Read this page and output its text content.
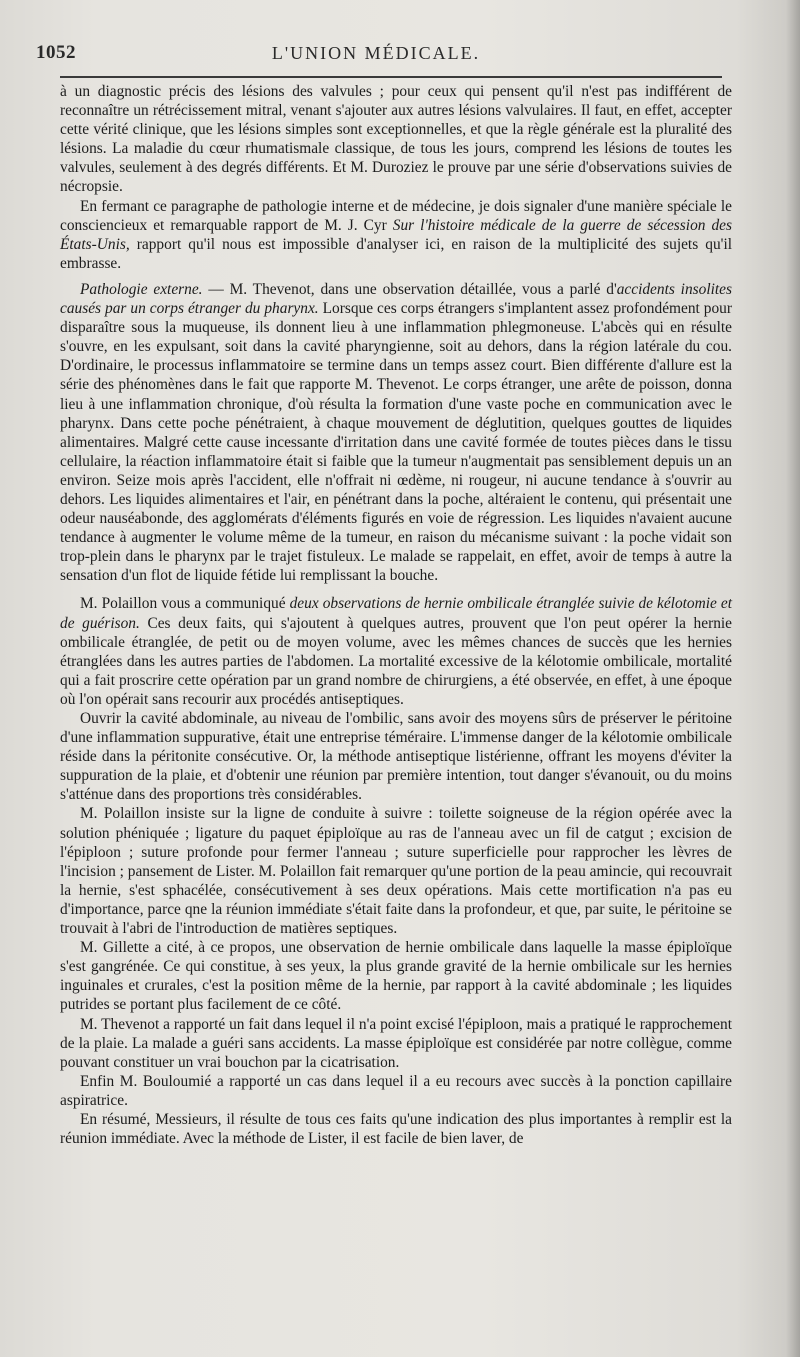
1052	L'UNION MÉDICALE.

à un diagnostic précis des lésions des valvules ; pour ceux qui pensent qu'il n'est pas indifférent de reconnaître un rétrécissement mitral, venant s'ajouter aux autres lésions valvulaires. Il faut, en effet, accepter cette vérité clinique, que les lésions simples sont exceptionnelles, et que la règle générale est la pluralité des lésions. La maladie du cœur rhumatismale classique, de tous les jours, comprend les lésions de toutes les valvules, seulement à des degrés différents. Et M. Duroziez le prouve par une série d'observations suivies de nécropsie.

En fermant ce paragraphe de pathologie interne et de médecine, je dois signaler d'une manière spéciale le consciencieux et remarquable rapport de M. J. Cyr Sur l'histoire médicale de la guerre de sécession des États-Unis, rapport qu'il nous est impossible d'analyser ici, en raison de la multiplicité des sujets qu'il embrasse.

Pathologie externe. — M. Thevenot, dans une observation détaillée, vous a parlé d'accidents insolites causés par un corps étranger du pharynx. Lorsque ces corps étrangers s'implantent assez profondément pour disparaître sous la muqueuse, ils donnent lieu à une inflammation phlegmoneuse. L'abcès qui en résulte s'ouvre, en les expulsant, soit dans la cavité pharyngienne, soit au dehors, dans la région latérale du cou. D'ordinaire, le processus inflammatoire se termine dans un temps assez court. Bien différente d'allure est la série des phénomènes dans le fait que rapporte M. Thevenot. Le corps étranger, une arête de poisson, donna lieu à une inflammation chronique, d'où résulta la formation d'une vaste poche en communication avec le pharynx. Dans cette poche pénétraient, à chaque mouvement de déglutition, quelques gouttes de liquides alimentaires. Malgré cette cause incessante d'irritation dans une cavité formée de toutes pièces dans le tissu cellulaire, la réaction inflammatoire était si faible que la tumeur n'augmentait pas sensiblement depuis un an environ. Seize mois après l'accident, elle n'offrait ni œdème, ni rougeur, ni aucune tendance à s'ouvrir au dehors. Les liquides alimentaires et l'air, en pénétrant dans la poche, altéraient le contenu, qui présentait une odeur nauséabonde, des agglomérats d'éléments figurés en voie de régression. Les liquides n'avaient aucune tendance à augmenter le volume même de la tumeur, en raison du mécanisme suivant : la poche vidait son trop-plein dans le pharynx par le trajet fistuleux. Le malade se rappelait, en effet, avoir de temps à autre la sensation d'un flot de liquide fétide lui remplissant la bouche.

M. Polaillon vous a communiqué deux observations de hernie ombilicale étranglée suivie de kélotomie et de guérison. Ces deux faits, qui s'ajoutent à quelques autres, prouvent que l'on peut opérer la hernie ombilicale étranglée, de petit ou de moyen volume, avec les mêmes chances de succès que les hernies étranglées dans les autres parties de l'abdomen. La mortalité excessive de la kélotomie ombilicale, mortalité qui a fait proscrire cette opération par un grand nombre de chirurgiens, a été observée, en effet, à une époque où l'on opérait sans recourir aux procédés antiseptiques.

Ouvrir la cavité abdominale, au niveau de l'ombilic, sans avoir des moyens sûrs de préserver le péritoine d'une inflammation suppurative, était une entreprise téméraire. L'immense danger de la kélotomie ombilicale réside dans la péritonite consécutive. Or, la méthode antiseptique listérienne, offrant les moyens d'éviter la suppuration de la plaie, et d'obtenir une réunion par première intention, tout danger s'évanouit, ou du moins s'atténue dans des proportions très considérables.

M. Polaillon insiste sur la ligne de conduite à suivre : toilette soigneuse de la région opérée avec la solution phéniquée ; ligature du paquet épiploïque au ras de l'anneau avec un fil de catgut ; excision de l'épiploon ; suture profonde pour fermer l'anneau ; suture superficielle pour rapprocher les lèvres de l'incision ; pansement de Lister. M. Polaillon fait remarquer qu'une portion de la peau amincie, qui recouvrait la hernie, s'est sphacélée, consécutivement à ses deux opérations. Mais cette mortification n'a pas eu d'importance, parce qne la réunion immédiate s'était faite dans la profondeur, et que, par suite, le péritoine se trouvait à l'abri de l'introduction de matières septiques.

M. Gillette a cité, à ce propos, une observation de hernie ombilicale dans laquelle la masse épiploïque s'est gangrénée. Ce qui constitue, à ses yeux, la plus grande gravité de la hernie ombilicale sur les hernies inguinales et crurales, c'est la position même de la hernie, par rapport à la cavité abdominale ; les liquides putrides se portant plus facilement de ce côté.

M. Thevenot a rapporté un fait dans lequel il n'a point excisé l'épiploon, mais a pratiqué le rapprochement de la plaie. La malade a guéri sans accidents. La masse épiploïque est considérée par notre collègue, comme pouvant constituer un vrai bouchon par la cicatrisation.

Enfin M. Bouloumié a rapporté un cas dans lequel il a eu recours avec succès à la ponction capillaire aspiratrice.

En résumé, Messieurs, il résulte de tous ces faits qu'une indication des plus importantes à remplir est la réunion immédiate. Avec la méthode de Lister, il est facile de bien laver, de
